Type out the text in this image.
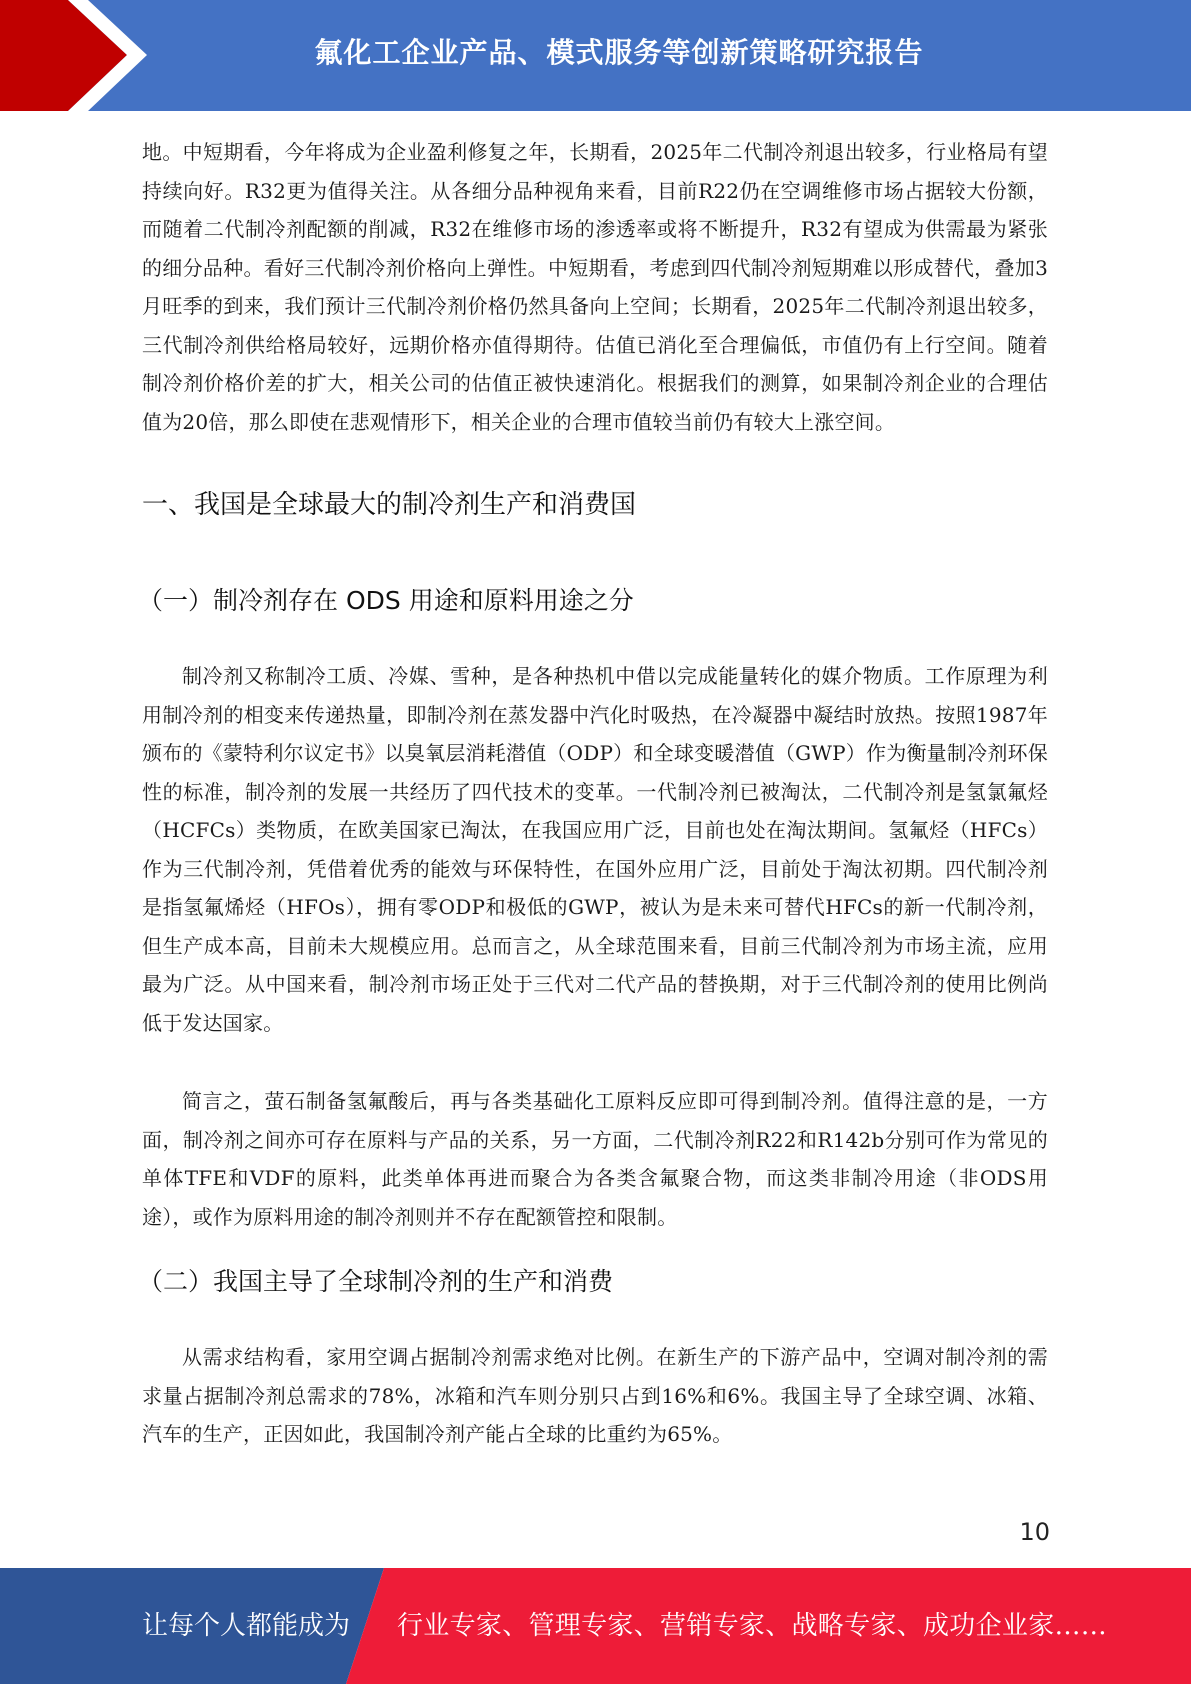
氟化工企业产品、模式服务等创新策略研究报告

地。中短期看，今年将成为企业盈利修复之年，长期看，2025年二代制冷剂退出较多，行业格局有望持续向好。R32更为值得关注。从各细分品种视角来看，目前R22仍在空调维修市场占据较大份额，而随着二代制冷剂配额的削减，R32在维修市场的渗透率或将不断提升，R32有望成为供需最为紧张的细分品种。看好三代制冷剂价格向上弹性。中短期看，考虑到四代制冷剂短期难以形成替代，叠加3月旺季的到来，我们预计三代制冷剂价格仍然具备向上空间；长期看，2025年二代制冷剂退出较多，三代制冷剂供给格局较好，远期价格亦值得期待。估值已消化至合理偏低，市值仍有上行空间。随着制冷剂价格价差的扩大，相关公司的估值正被快速消化。根据我们的测算，如果制冷剂企业的合理估值为20倍，那么即使在悲观情形下，相关企业的合理市值较当前仍有较大上涨空间。

一、我国是全球最大的制冷剂生产和消费国
（一）制冷剂存在 ODS 用途和原料用途之分

制冷剂又称制冷工质、冷媒、雪种，是各种热机中借以完成能量转化的媒介物质。工作原理为利用制冷剂的相变来传递热量，即制冷剂在蒸发器中汽化时吸热，在冷凝器中凝结时放热。按照1987年颁布的《蒙特利尔议定书》以臭氧层消耗潜值（ODP）和全球变暖潜值（GWP）作为衡量制冷剂环保性的标准，制冷剂的发展一共经历了四代技术的变革。一代制冷剂已被淘汰，二代制冷剂是氢氯氟烃（HCFCs）类物质，在欧美国家已淘汰，在我国应用广泛，目前也处在淘汰期间。氢氟烃（HFCs）作为三代制冷剂，凭借着优秀的能效与环保特性，在国外应用广泛，目前处于淘汰初期。四代制冷剂是指氢氟烯烃（HFOs），拥有零ODP和极低的GWP，被认为是未来可替代HFCs的新一代制冷剂，但生产成本高，目前未大规模应用。总而言之，从全球范围来看，目前三代制冷剂为市场主流，应用最为广泛。从中国来看，制冷剂市场正处于三代对二代产品的替换期，对于三代制冷剂的使用比例尚低于发达国家。

简言之，萤石制备氢氟酸后，再与各类基础化工原料反应即可得到制冷剂。值得注意的是，一方面，制冷剂之间亦可存在原料与产品的关系，另一方面，二代制冷剂R22和R142b分别可作为常见的单体TFE和VDF的原料，此类单体再进而聚合为各类含氟聚合物，而这类非制冷用途（非ODS用途），或作为原料用途的制冷剂则并不存在配额管控和限制。

（二）我国主导了全球制冷剂的生产和消费

从需求结构看，家用空调占据制冷剂需求绝对比例。在新生产的下游产品中，空调对制冷剂的需求量占据制冷剂总需求的78%，冰箱和汽车则分别只占到16%和6%。我国主导了全球空调、冰箱、汽车的生产，正因如此，我国制冷剂产能占全球的比重约为65%。

10
让每个人都能成为 行业专家、管理专家、营销专家、战略专家、成功企业家……
